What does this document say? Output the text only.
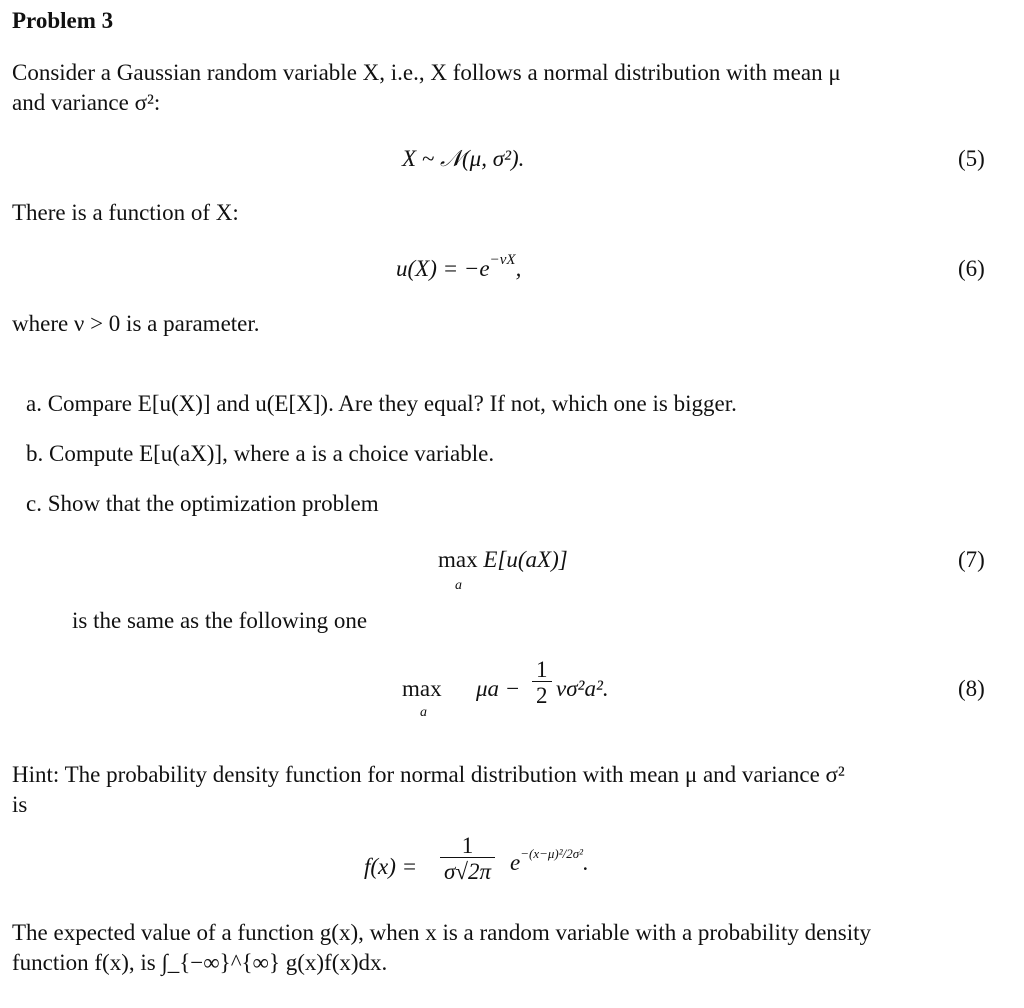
Problem 3
Consider a Gaussian random variable X, i.e., X follows a normal distribution with mean μ
and variance σ²:
X ~ 𝒩(μ, σ²).	(5)
There is a function of X:
$u(X) = -e^{-\nu X}$,	(6)
where ν > 0 is a parameter.
a. Compare E[u(X)] and u(E[X]). Are they equal? If not, which one is bigger.
b. Compute E[u(aX)], where a is a choice variable.
c. Show that the optimization problem
max E[u(aX)]
a
(7)
is the same as the following one
max
a
$\mu a - \frac{1}{2} \nu\sigma^2a^2$.	(8)
Hint: The probability density function for normal distribution with mean μ and variance σ²
is
$f(x) = \frac{1}{\sigma√2\pi} e^{-(x-\mu)^2/2\sigma^2}$.
The expected value of a function g(x), when x is a random variable with a probability density
function f(x), is ∫_{−∞}^{∞} g(x)f(x)dx.
